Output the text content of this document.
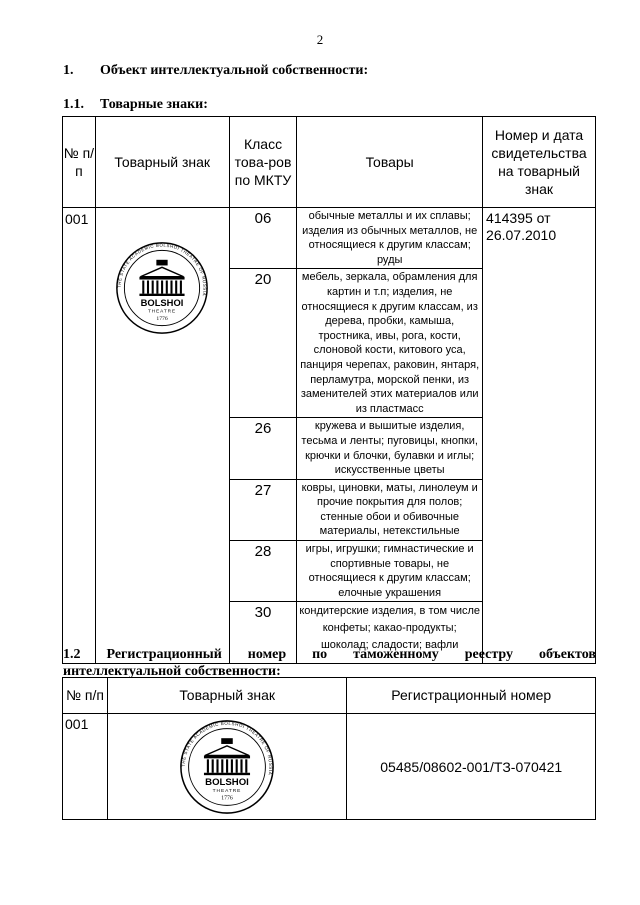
2
1. Объект интеллектуальной собственности:
1.1. Товарные знаки:
№ п/п	Товарный знак	Класс това-ров по МКТУ	Товары	Номер и дата свидетельства на товарный знак
001	THE STATE ACADEMIC BOLSHOI THEATRE OF RUSSIA
BOLSHOI
THEATRE
1776	06	обычные металлы и их сплавы; изделия из обычных металлов, не относящиеся к другим классам; руды	414395 от 26.07.2010
		20	мебель, зеркала, обрамления для картин и т.п; изделия, не относящиеся к другим классам, из дерева, пробки, камыша, тростника, ивы, рога, кости, слоновой кости, китового уса, панциря черепах, раковин, янтаря, перламутра, морской пенки, из заменителей этих материалов или из пластмасс	
		26	кружева и вышитые изделия, тесьма и ленты; пуговицы, кнопки, крючки и блочки, булавки и иглы; искусственные цветы	
		27	ковры, циновки, маты, линолеум и прочие покрытия для полов; стенные обои и обивочные материалы, нетекстильные	
		28	игры, игрушки; гимнастические и спортивные товары, не относящиеся к другим классам; елочные украшения	
		30	кондитерские изделия, в том числе конфеты; какао-продукты; шоколад; сладости; вафли	
1.2 Регистрационный номер по таможенному реестру объектов
интеллектуальной собственности:
№ п/п	Товарный знак	Регистрационный номер
001	THE STATE ACADEMIC BOLSHOI THEATRE OF RUSSIA
BOLSHOI
THEATRE
1776	05485/08602-001/ТЗ-070421
